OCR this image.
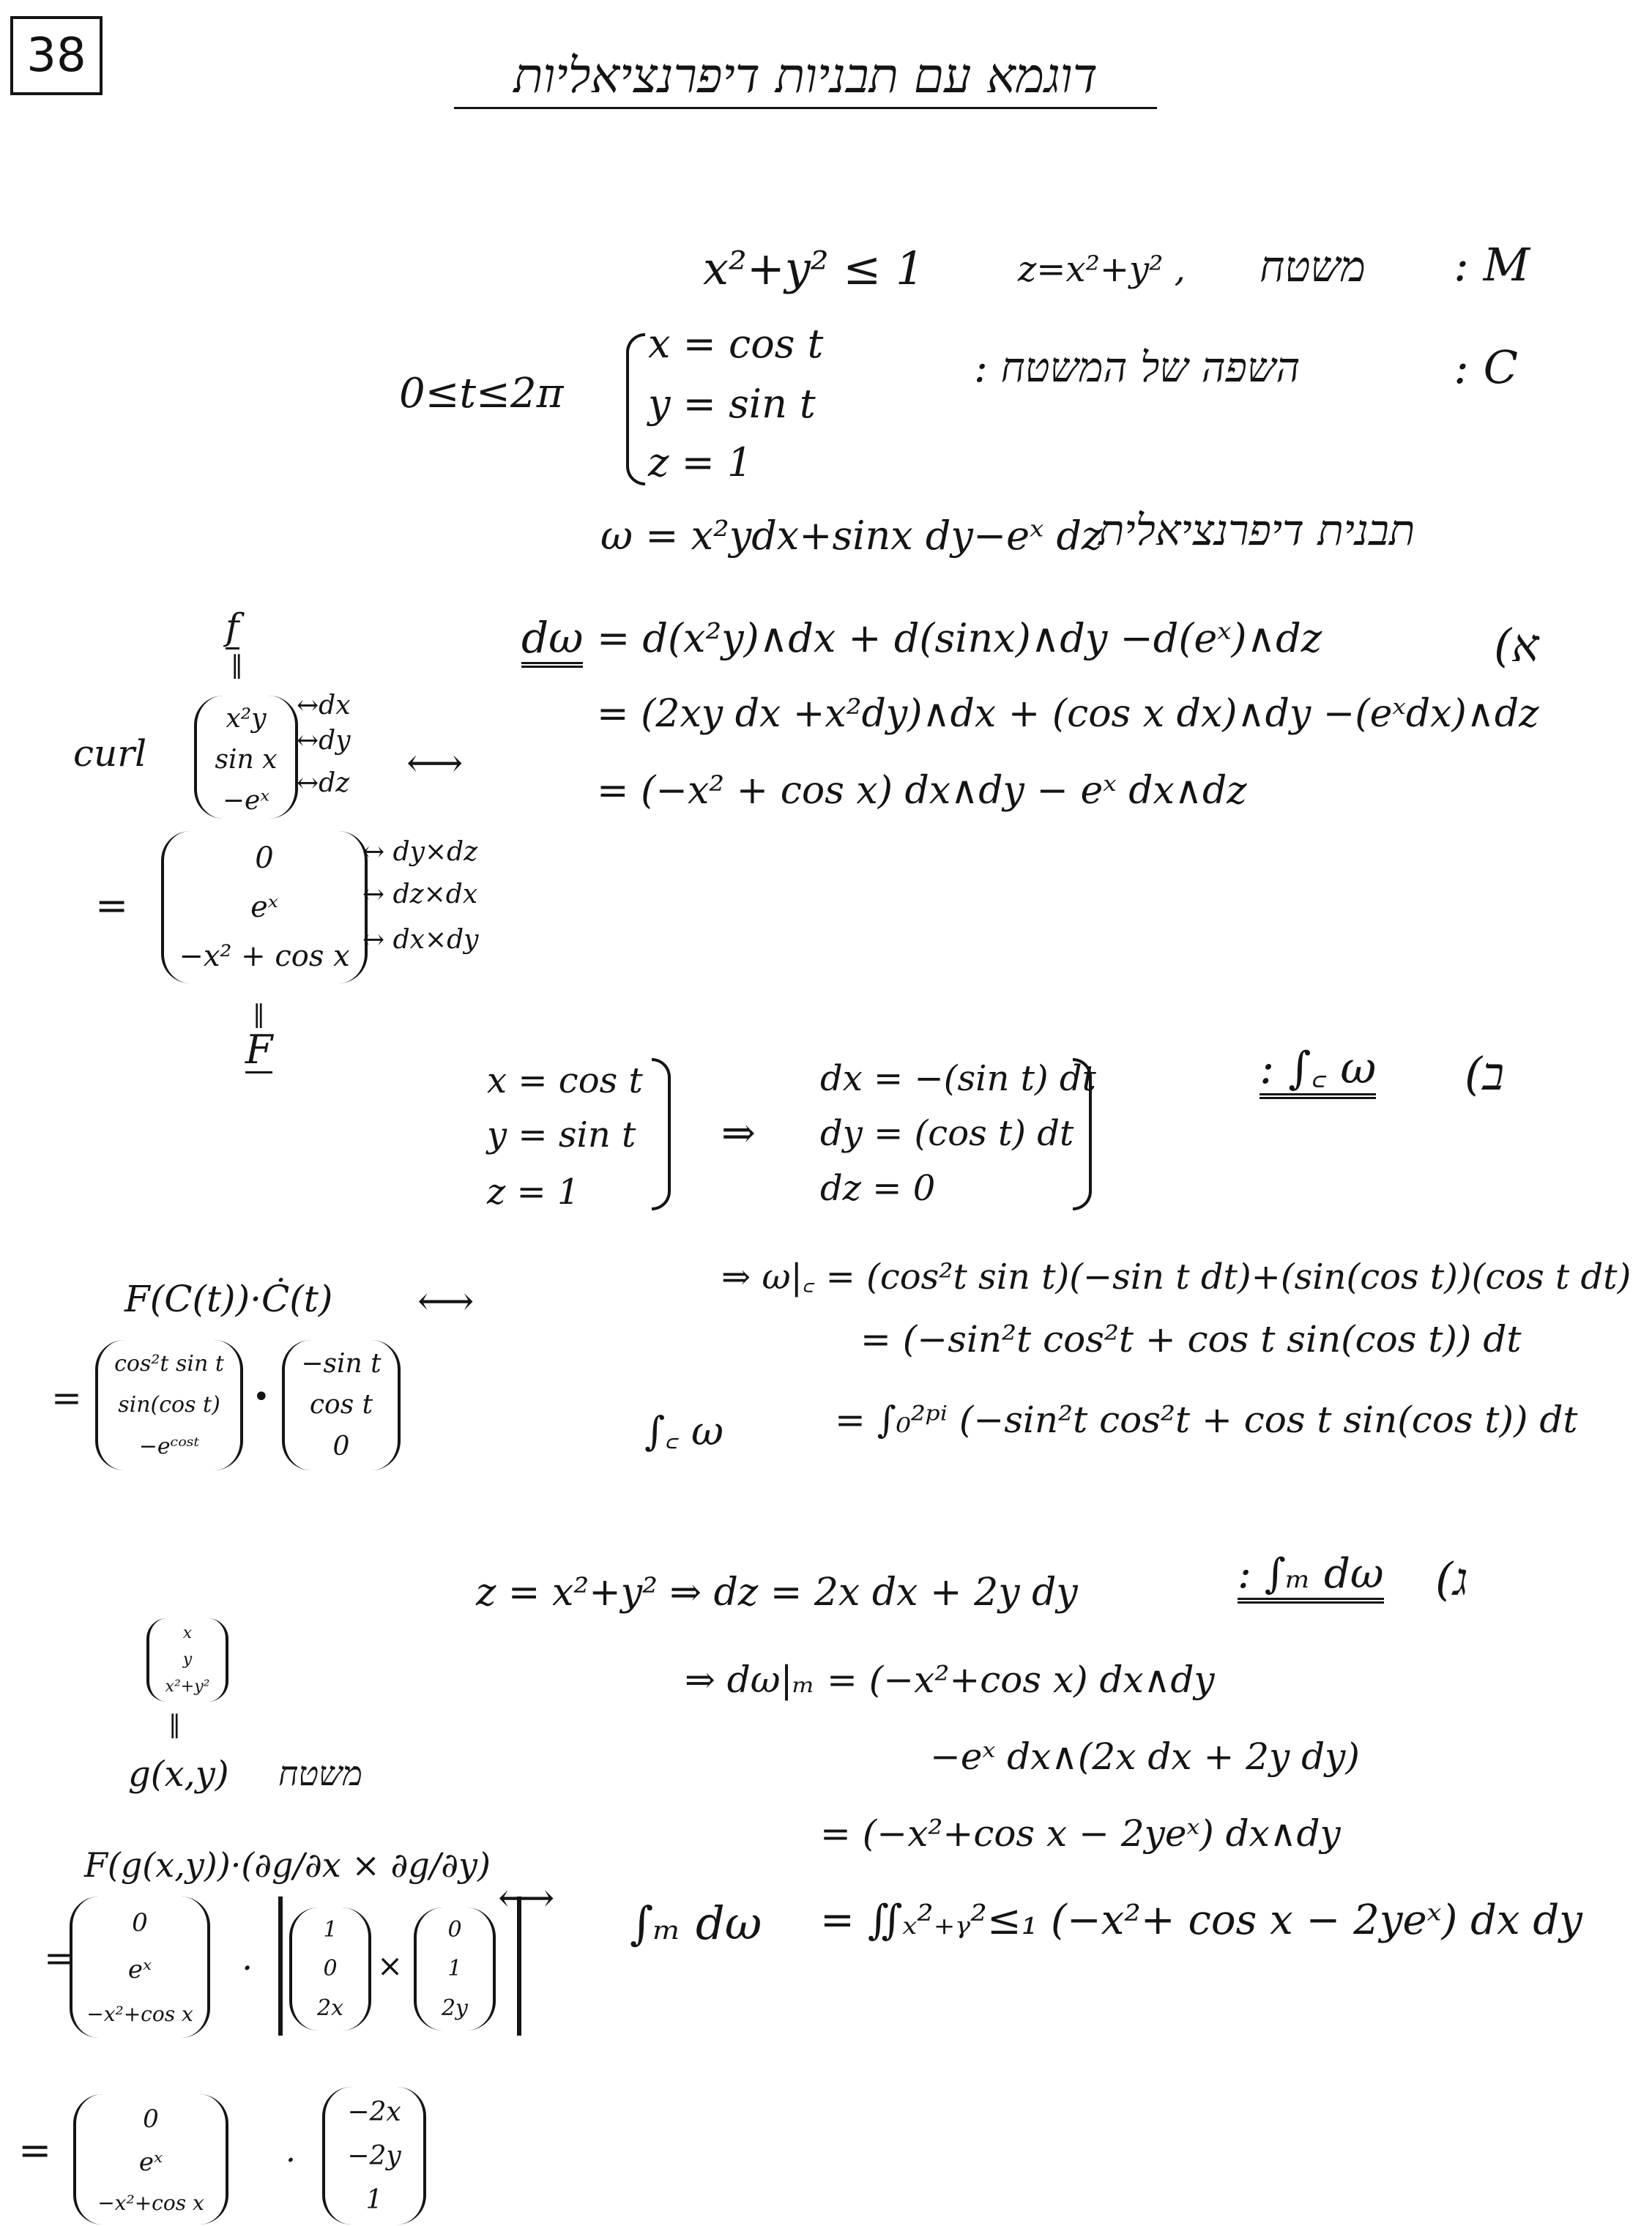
38	דוגמא עם תבניות דיפרנציאליות
x²+y² ≤ 1	z=x²+y² , משטח : M
0≤t≤2π
x = cos t
y = sin t
z = 1
השפה של המשטח :	: C
ω = x²ydx+sinx dy−eˣ dz
תבנית דיפרנציאלית
(א
dω = d(x²y)∧dx + d(sinx)∧dy −d(eˣ)∧dz
= (2xy dx +x²dy)∧dx + (cos x dx)∧dy −(eˣdx)∧dz
= (−x² + cos x) dx∧dy − eˣ dx∧dz
f
‖
curl
x²y
sin x
−eˣ
↔dx
↔dy
↔dz ⟷
=
0
eˣ
−x² + cos x
↔ dy×dz
↔ dz×dx
↔ dx×dy
‖
F	(ב
: ∫꜀ ω
x = cos t
y = sin t
z = 1
⇒
dx = −(sin t) dt
dy = (cos t) dt
dz = 0
⇒ ω|꜀ = (cos²t sin t)(−sin t dt)+(sin(cos t))(cos t dt)
= (−sin²t cos²t + cos t sin(cos t)) dt
∫꜀ ω	= ∫₀²ᵖⁱ (−sin²t cos²t + cos t sin(cos t)) dt
F(C(t))·Ċ(t) ⟷
=
cos²t sin t
sin(cos t)
−eᶜᵒˢᵗ
•
−sin t
cos t
0
(ג
: ∫ₘ dω
z = x²+y² ⇒ dz = 2x dx + 2y dy
⇒ dω|ₘ = (−x²+cos x) dx∧dy
−eˣ dx∧(2x dx + 2y dy)
= (−x²+cos x − 2yeˣ) dx∧dy
∫ₘ dω = ∬ₓ²₊ᵧ²≤₁ (−x²+ cos x − 2yeˣ) dx dy
x
y
x²+y²
‖
g(x,y) משטח
F(g(x,y))·(∂g/∂x × ∂g/∂y)
⟷
=
0
eˣ
−x²+cos x
·
1
0
2x
×
0
1
2y
=
0
eˣ
−x²+cos x
·
−2x
−2y
1
